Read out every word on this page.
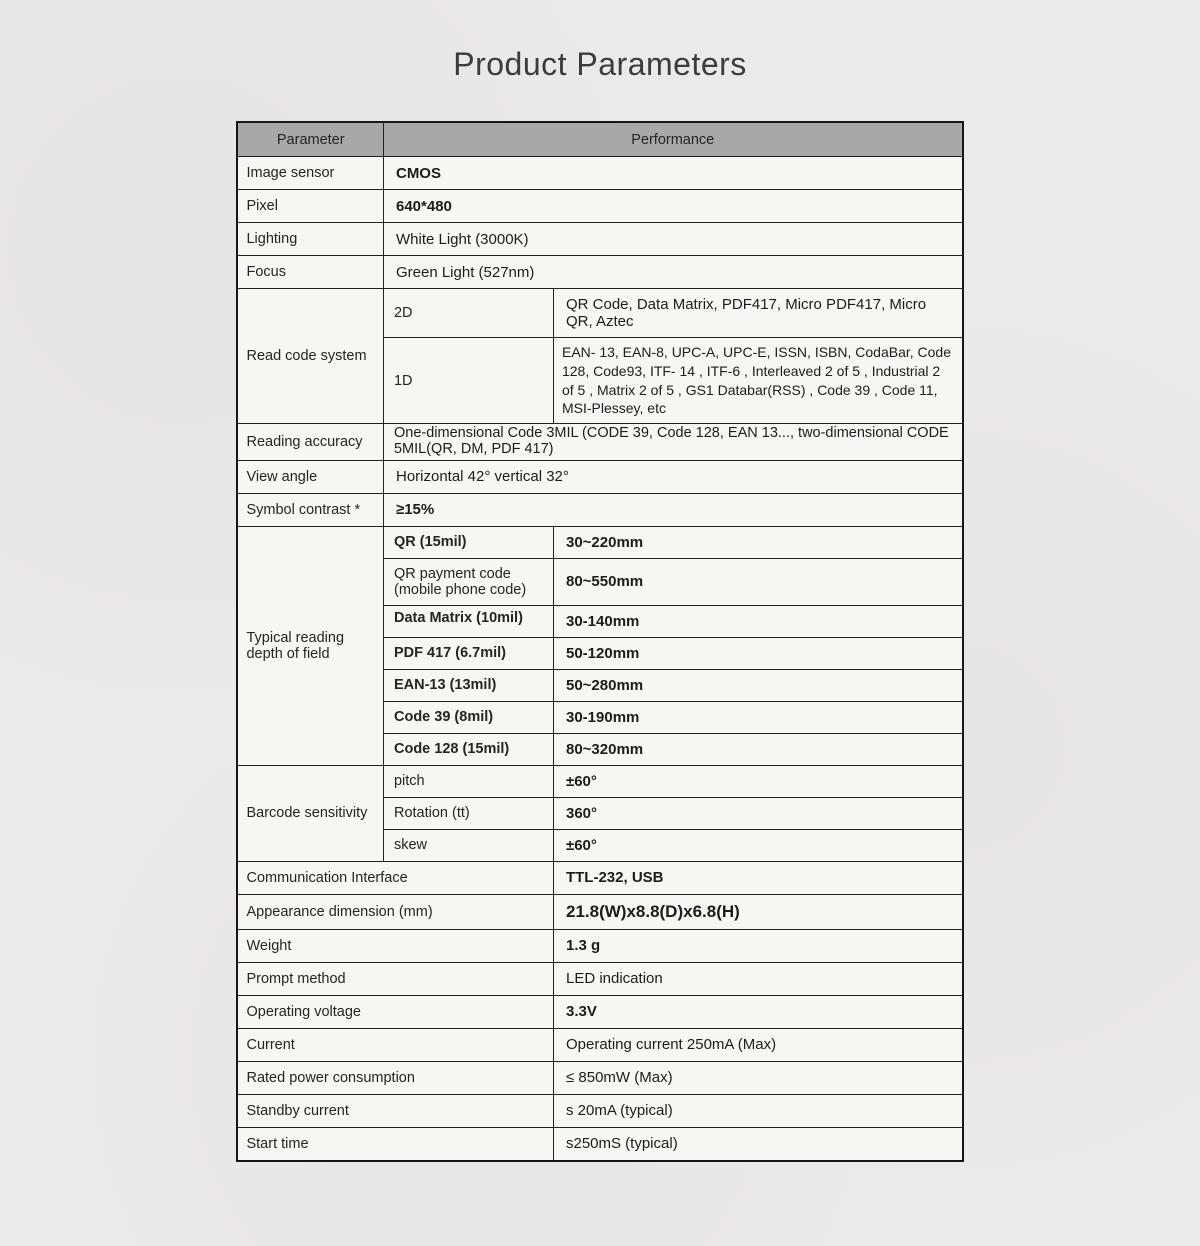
Product Parameters
Parameter	Performance	
Image sensor	CMOS	
Pixel	640*480	
Lighting	White Light (3000K)	
Focus	Green Light (527nm)	
Read code system	2D	QR Code, Data Matrix, PDF417, Micro PDF417, Micro QR, Aztec
	1D	EAN- 13, EAN-8, UPC-A, UPC-E, ISSN, ISBN, CodaBar, Code 128, Code93, ITF- 14 , ITF-6 , Interleaved 2 of 5 , Industrial 2 of 5 , Matrix 2 of 5 , GS1 Databar(RSS) , Code 39 , Code 11, MSI-Plessey, etc
Reading accuracy	One-dimensional Code 3MIL (CODE 39, Code 128, EAN 13..., two-dimensional CODE 5MIL(QR, DM, PDF 417)	
View angle	Horizontal 42° vertical 32°	
Symbol contrast *	≥15%	
Typical reading depth of field	QR (15mil)	30~220mm
	QR payment code (mobile phone code)	80~550mm

	Data Matrix (10mil)	30-140mm
	PDF 417 (6.7mil)	50-120mm
	EAN-13 (13mil)	50~280mm
	Code 39 (8mil)	30-190mm
	Code 128 (15mil)	80~320mm
Barcode sensitivity	pitch	±60°
	Rotation (tt)	360°
	skew	±60°
Communication Interface		TTL-232, USB
Appearance dimension (mm)		21.8(W)x8.8(D)x6.8(H)
Weight		1.3 g
Prompt method		LED indication
Operating voltage		3.3V
Current		Operating current 250mA (Max)
Rated power consumption		≤ 850mW (Max)
Standby current		s 20mA (typical)
Start time		s250mS (typical)
